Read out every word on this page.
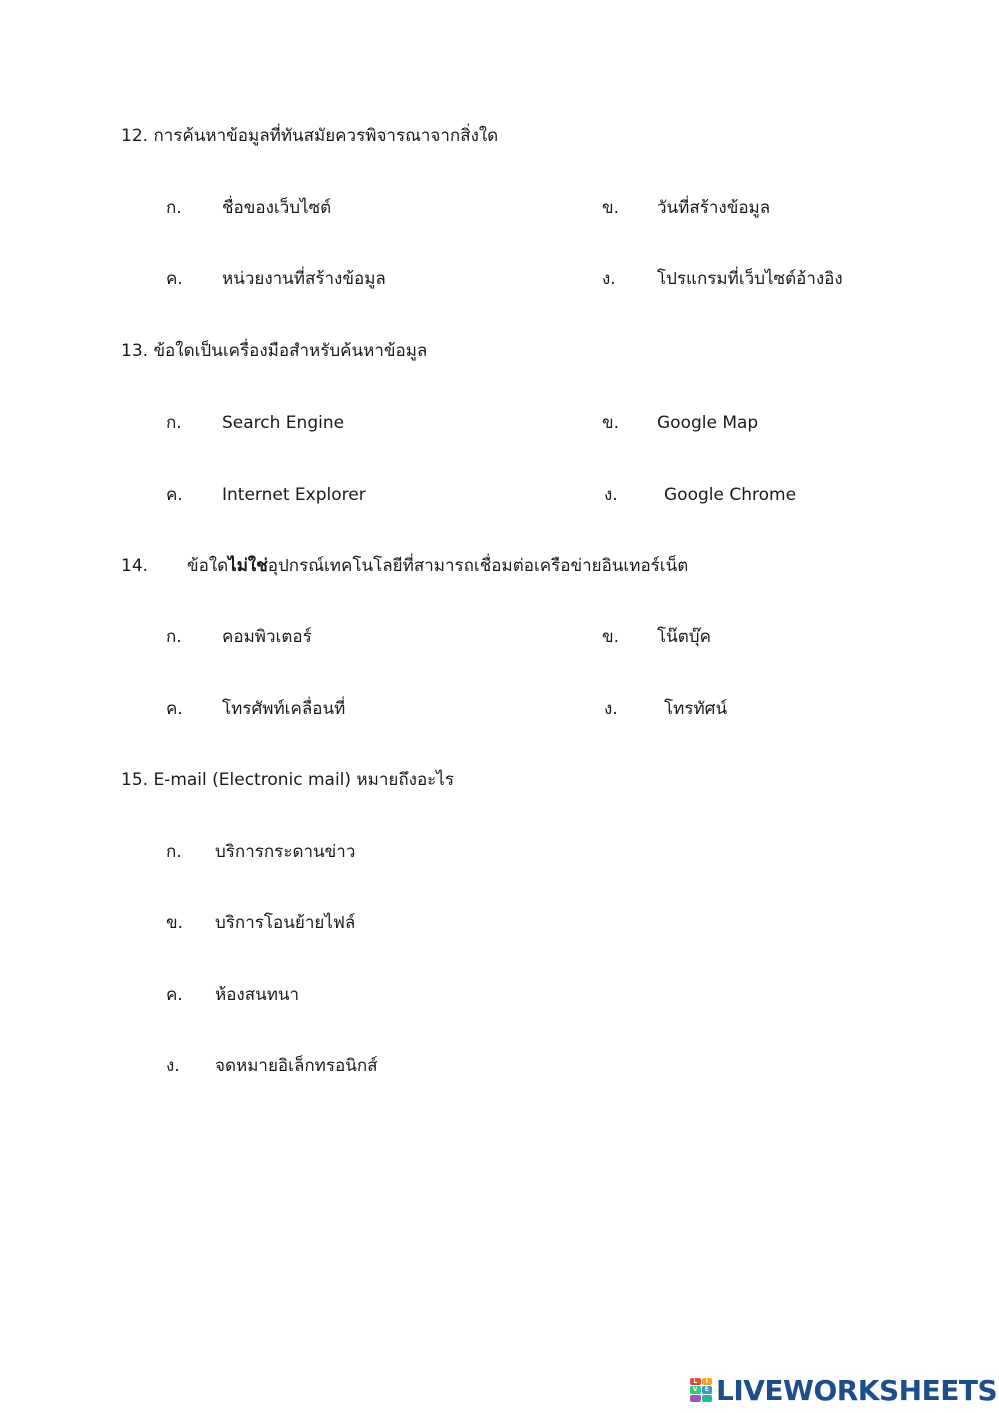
12. การค้นหาข้อมูลที่ทันสมัยควรพิจารณาจากสิ่งใด
ก. ชื่อของเว็บไซต์	ข. วันที่สร้างข้อมูล
ค. หน่วยงานที่สร้างข้อมูล	ง. โปรแกรมที่เว็บไซต์อ้างอิง
13. ข้อใดเป็นเครื่องมือสำหรับค้นหาข้อมูล
ก. Search Engine	ข. Google Map
ค. Internet Explorer	ง.	Google Chrome
14. ข้อใดไม่ใช่อุปกรณ์เทคโนโลยีที่สามารถเชื่อมต่อเครือข่ายอินเทอร์เน็ต
ก. คอมพิวเตอร์	ข. โน๊ตบุ๊ค
ค. โทรศัพท์เคลื่อนที่	ง.	โทรทัศน์
15. E-mail (Electronic mail) หมายถึงอะไร
ก. บริการกระดานข่าว
ข. บริการโอนย้ายไฟล์
ค. ห้องสนทนา
ง. จดหมายอิเล็กทรอนิกส์
L	I
V	E LIVEWORKSHEETS
